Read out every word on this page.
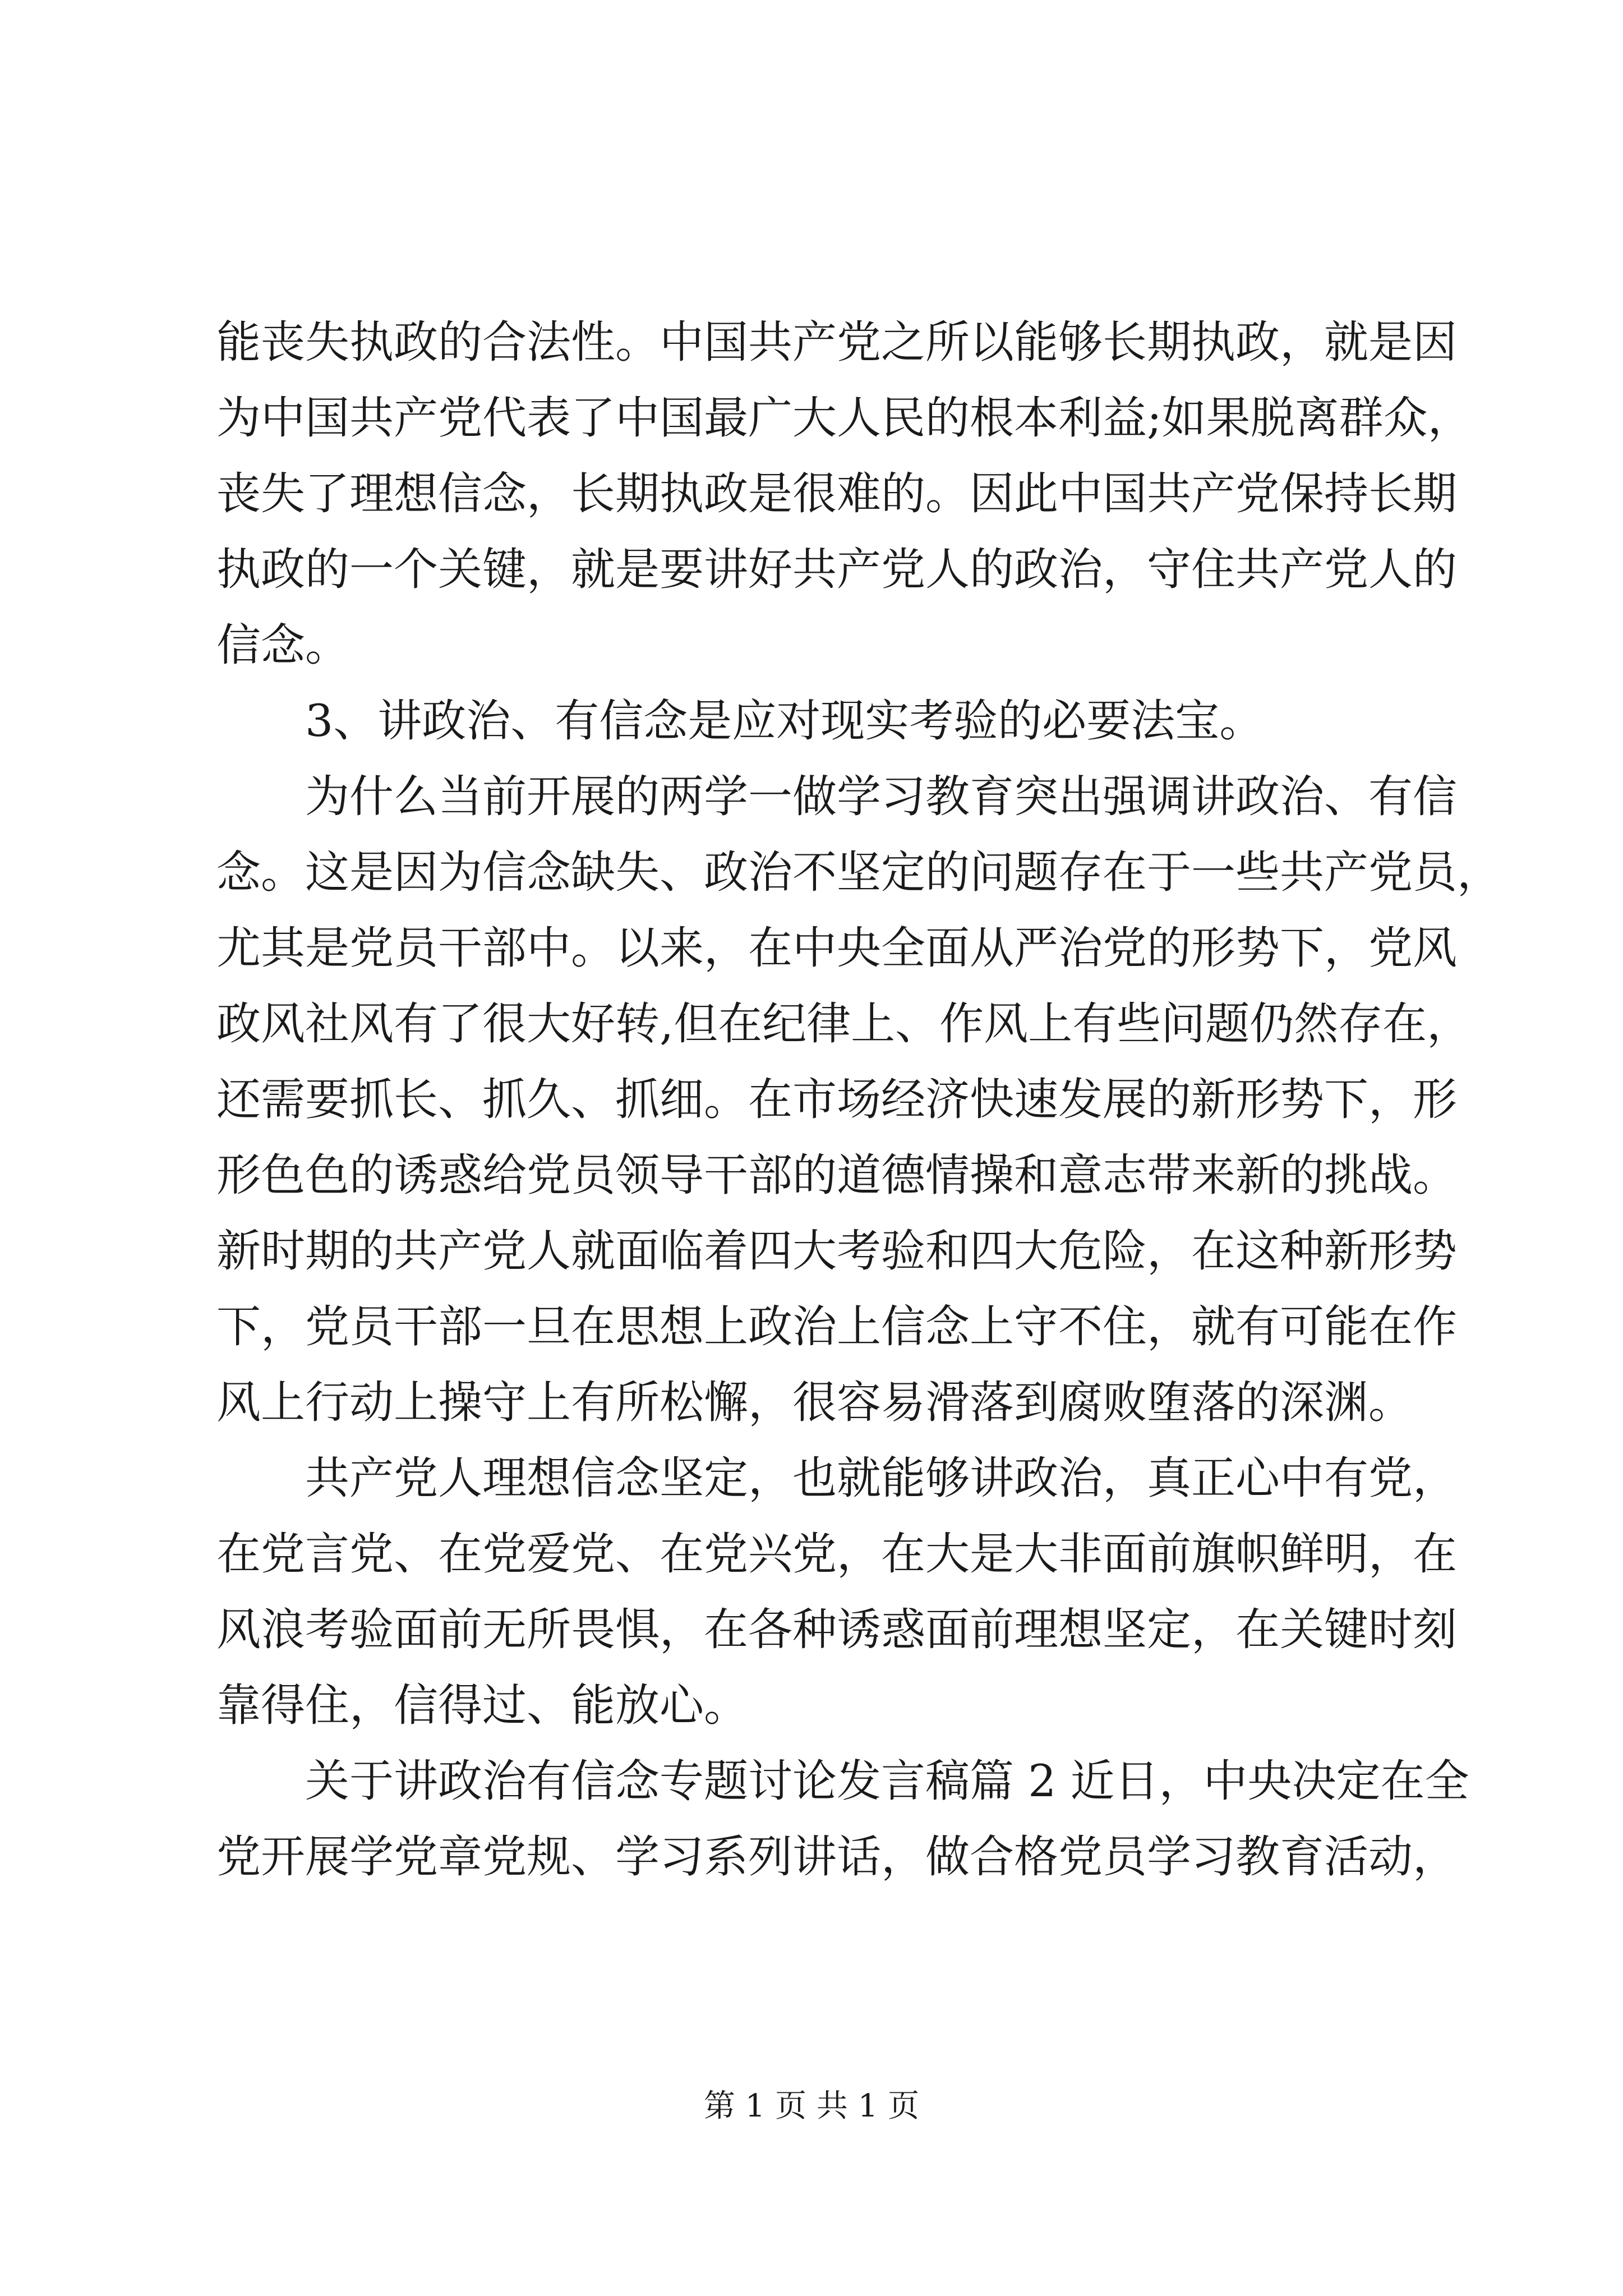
能丧失执政的合法性。中国共产党之所以能够长期执政，就是因
为中国共产党代表了中国最广大人民的根本利益;如果脱离群众，
丧失了理想信念，长期执政是很难的。因此中国共产党保持长期
执政的一个关键，就是要讲好共产党人的政治，守住共产党人的
信念。
3、讲政治、有信念是应对现实考验的必要法宝。
为什么当前开展的两学一做学习教育突出强调讲政治、有信
念。这是因为信念缺失、政治不坚定的问题存在于一些共产党员，
尤其是党员干部中。以来，在中央全面从严治党的形势下，党风
政风社风有了很大好转,但在纪律上、作风上有些问题仍然存在，
还需要抓长、抓久、抓细。在市场经济快速发展的新形势下，形
形色色的诱惑给党员领导干部的道德情操和意志带来新的挑战。
新时期的共产党人就面临着四大考验和四大危险，在这种新形势
下，党员干部一旦在思想上政治上信念上守不住，就有可能在作
风上行动上操守上有所松懈，很容易滑落到腐败堕落的深渊。
共产党人理想信念坚定，也就能够讲政治，真正心中有党，
在党言党、在党爱党、在党兴党，在大是大非面前旗帜鲜明，在
风浪考验面前无所畏惧，在各种诱惑面前理想坚定，在关键时刻
靠得住，信得过、能放心。
关于讲政治有信念专题讨论发言稿篇 2 近日，中央决定在全
党开展学党章党规、学习系列讲话，做合格党员学习教育活动，
第 1 页 共 1 页
